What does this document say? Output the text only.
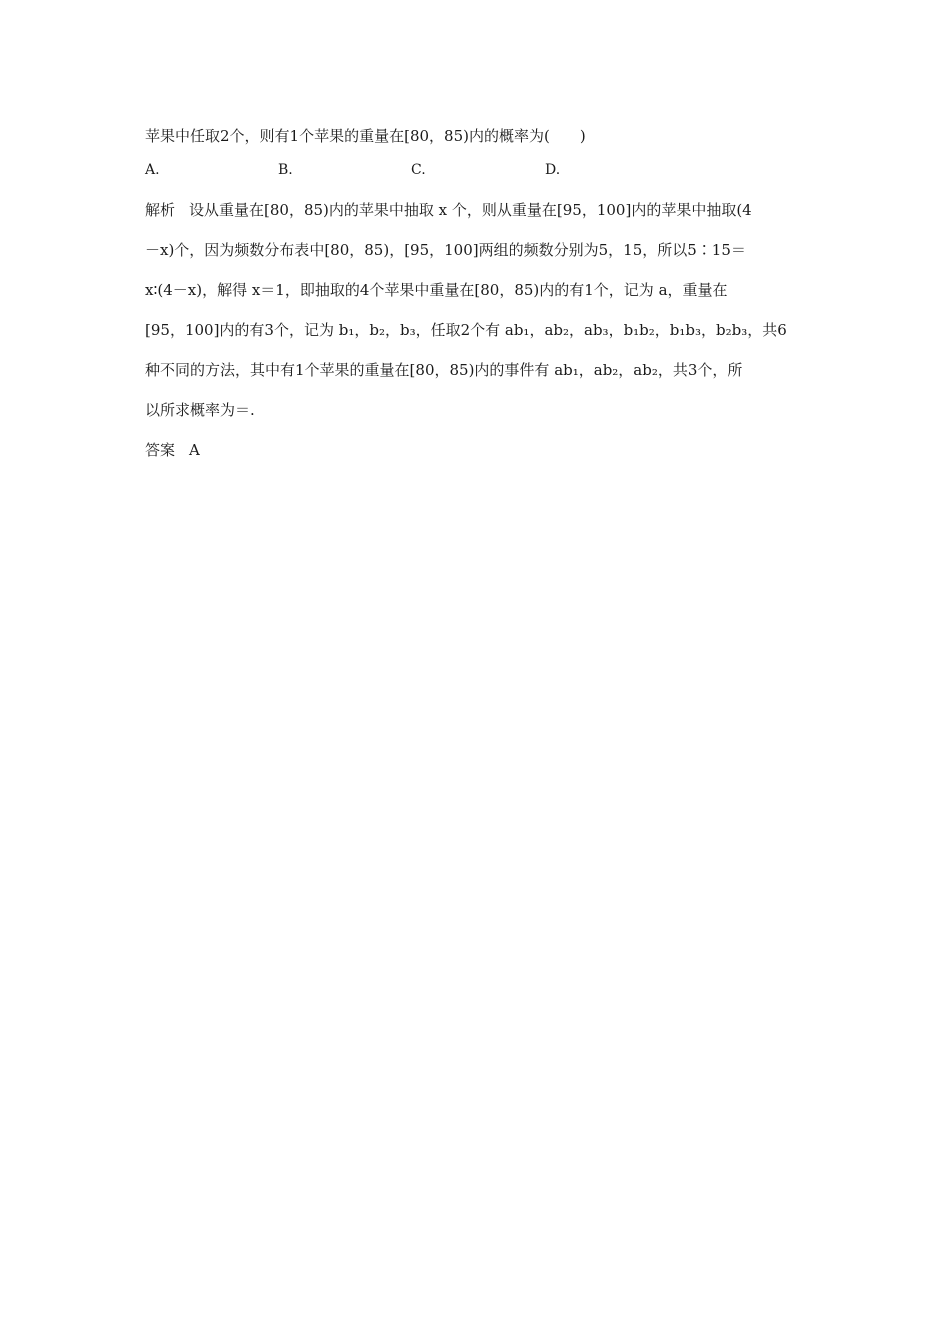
苹果中任取2个，则有1个苹果的重量在[80，85)内的概率为(　　)

A.	B.	C.	D.

解析 设从重量在[80，85)内的苹果中抽取 x 个，则从重量在[95，100]内的苹果中抽取(4

－x)个，因为频数分布表中[80，85)，[95，100]两组的频数分别为5，15，所以5∶15＝

x∶(4－x)，解得 x＝1，即抽取的4个苹果中重量在[80，85)内的有1个，记为 a，重量在

[95，100]内的有3个，记为 b₁，b₂，b₃，任取2个有 ab₁，ab₂，ab₃，b₁b₂，b₁b₃，b₂b₃，共6

种不同的方法，其中有1个苹果的重量在[80，85)内的事件有 ab₁，ab₂，ab₂，共3个，所

以所求概率为＝.

答案 A
